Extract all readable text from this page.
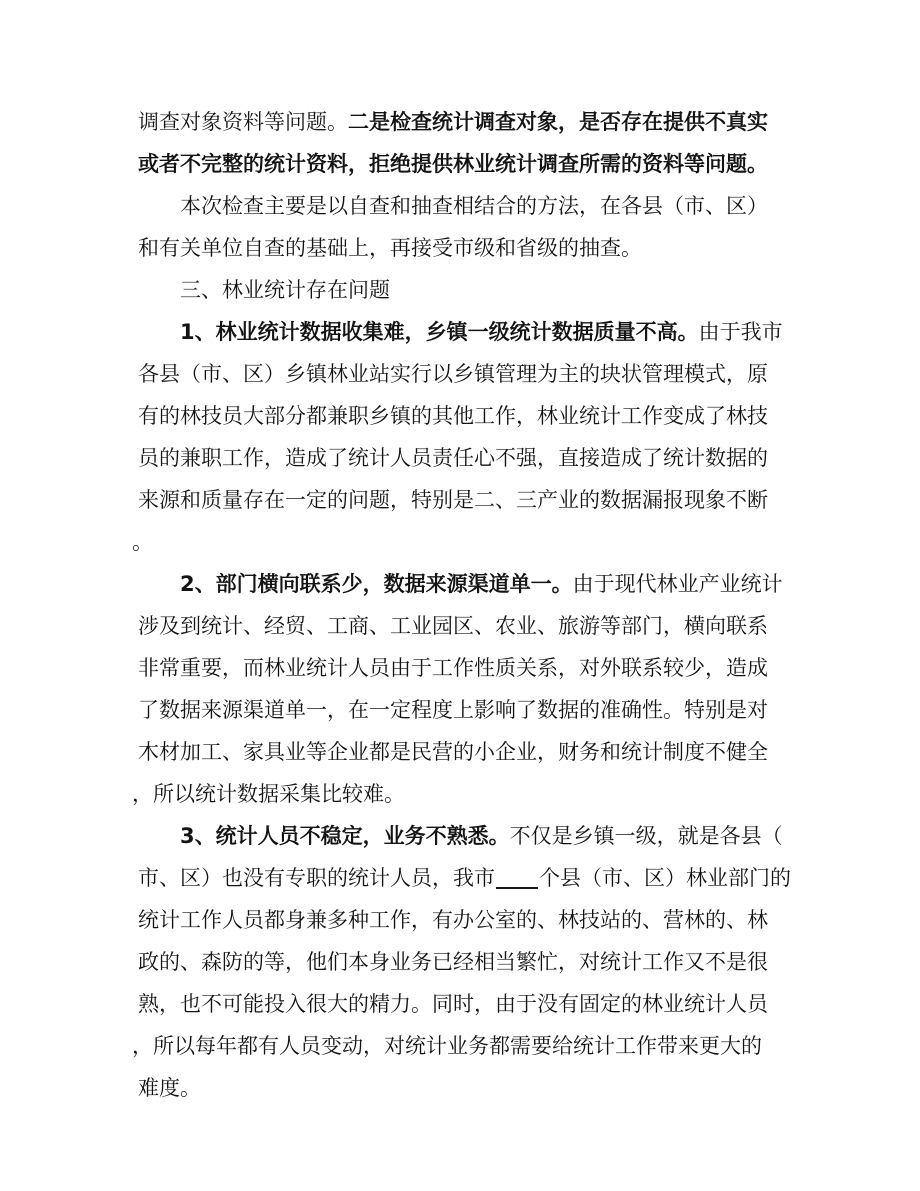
调查对象资料等问题。二是检查统计调查对象，是否存在提供不真实
或者不完整的统计资料，拒绝提供林业统计调查所需的资料等问题。
本次检查主要是以自查和抽查相结合的方法，在各县（市、区）
和有关单位自查的基础上，再接受市级和省级的抽查。
三、林业统计存在问题
1、林业统计数据收集难，乡镇一级统计数据质量不高。由于我市
各县（市、区）乡镇林业站实行以乡镇管理为主的块状管理模式，原
有的林技员大部分都兼职乡镇的其他工作，林业统计工作变成了林技
员的兼职工作，造成了统计人员责任心不强，直接造成了统计数据的
来源和质量存在一定的问题，特别是二、三产业的数据漏报现象不断
。
2、部门横向联系少，数据来源渠道单一。由于现代林业产业统计
涉及到统计、经贸、工商、工业园区、农业、旅游等部门，横向联系
非常重要，而林业统计人员由于工作性质关系，对外联系较少，造成
了数据来源渠道单一，在一定程度上影响了数据的准确性。特别是对
木材加工、家具业等企业都是民营的小企业，财务和统计制度不健全
，所以统计数据采集比较难。
3、统计人员不稳定，业务不熟悉。不仅是乡镇一级，就是各县（
市、区）也没有专职的统计人员，我市 个县（市、区）林业部门的
统计工作人员都身兼多种工作，有办公室的、林技站的、营林的、林
政的、森防的等，他们本身业务已经相当繁忙，对统计工作又不是很
熟，也不可能投入很大的精力。同时，由于没有固定的林业统计人员
，所以每年都有人员变动，对统计业务都需要给统计工作带来更大的
难度。
